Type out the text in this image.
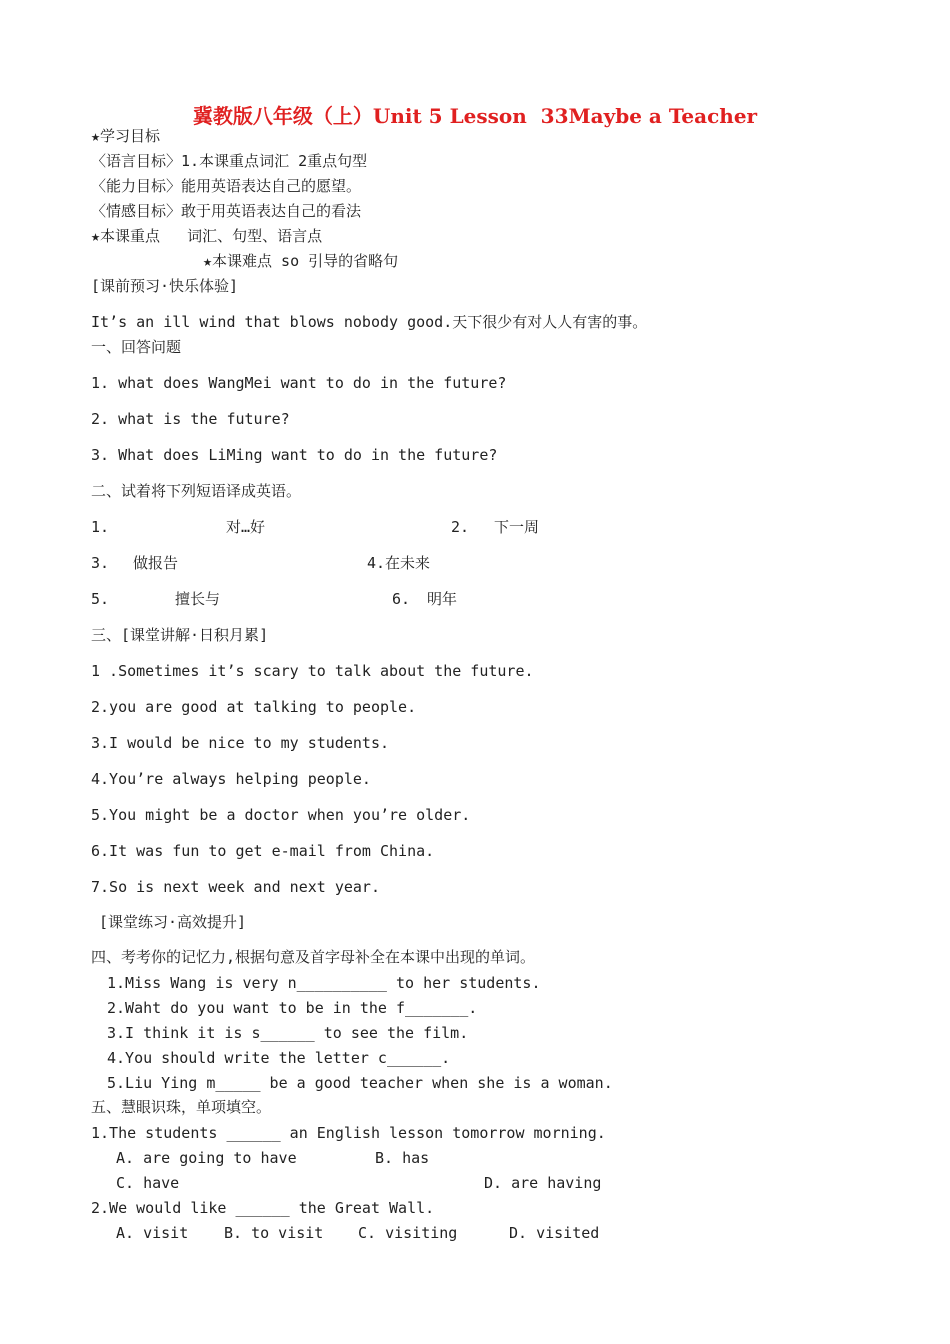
冀教版八年级（上）Unit 5 Lesson  33Maybe a Teacher
★学习目标
〈语言目标〉1.本课重点词汇 2重点句型
〈能力目标〉能用英语表达自己的愿望。
〈情感目标〉敢于用英语表达自己的看法
★本课重点   词汇、句型、语言点
★本课难点 so 引导的省略句
[课前预习·快乐体验]
It’s an ill wind that blows nobody good.天下很少有对人人有害的事。
一、回答问题
1. what does WangMei want to do in the future?
2. what is the future?
3. What does LiMing want to do in the future?
二、试着将下列短语译成英语。
1.	对…好	2. 下一周
3. 做报告	4. 在未来
5.	擅长与	6. 明年
三、[课堂讲解·日积月累]
1 .Sometimes it’s scary to talk about the future.
2.you are good at talking to people.
3.I would be nice to my students.
4.You’re always helping people.
5.You might be a doctor when you’re older.
6.It was fun to get e-mail from China.
7.So is next week and next year.
[课堂练习·高效提升]
四、考考你的记忆力,根据句意及首字母补全在本课中出现的单词。
1.Miss Wang is very n__________ to her students.
2.Waht do you want to be in the f_______.
3.I think it is s______ to see the film.
4.You should write the letter c______.
5.Liu Ying m_____ be a good teacher when she is a woman.
五、慧眼识珠，单项填空。
1.The students ______ an English lesson tomorrow morning.
A. are going to have	B. has
C. have	D. are having
2.We would like ______ the Great Wall.
A. visit B. to visit C. visiting	D. visited
